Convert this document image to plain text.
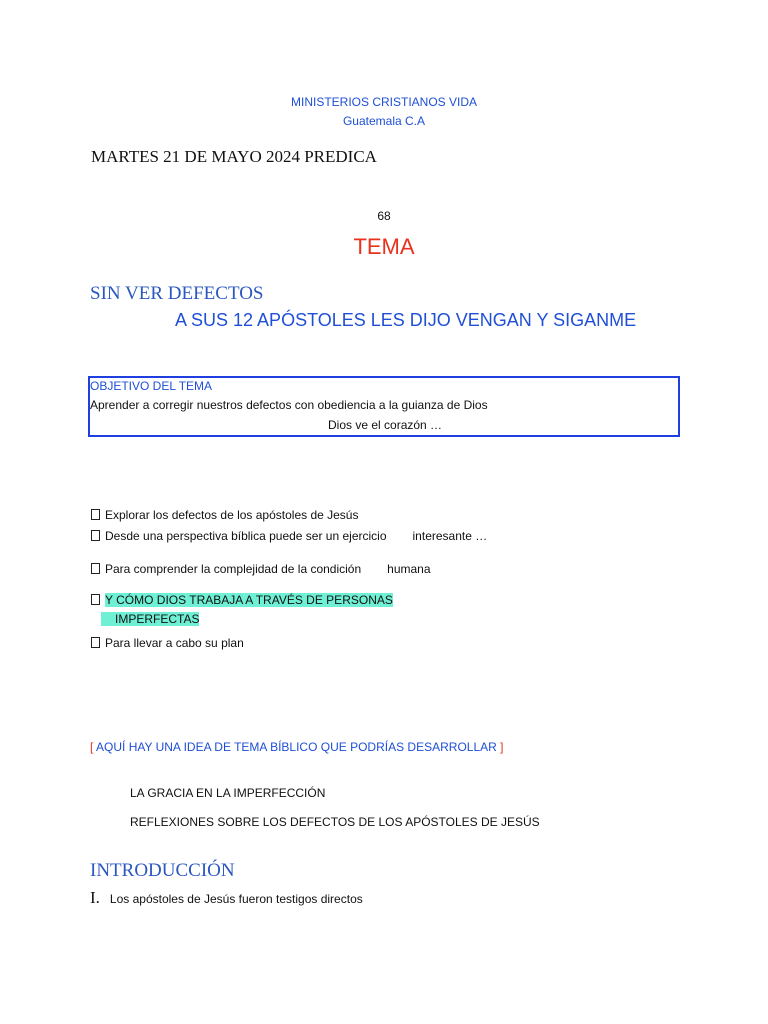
MINISTERIOS CRISTIANOS VIDA
Guatemala C.A
MARTES 21 DE MAYO 2024 PREDICA
68
TEMA
SIN VER DEFECTOS
A SUS 12 APÓSTOLES LES DIJO VENGAN Y SIGANME
OBJETIVO DEL TEMA
Aprender a corregir nuestros defectos con obediencia a la guianza de Dios
Dios ve el corazón …
Explorar los defectos de los apóstoles de Jesús
Desde una perspectiva bíblica puede ser un ejercicio interesante …
Para comprender la complejidad de la condición humana
Y CÓMO DIOS TRABAJA A TRAVÉS DE PERSONAS
IMPERFECTAS
Para llevar a cabo su plan
[ AQUÍ HAY UNA IDEA DE TEMA BÍBLICO QUE PODRÍAS DESARROLLAR ]
LA GRACIA EN LA IMPERFECCIÓN
REFLEXIONES SOBRE LOS DEFECTOS DE LOS APÓSTOLES DE JESÚS
INTRODUCCIÓN
I. Los apóstoles de Jesús fueron testigos directos
